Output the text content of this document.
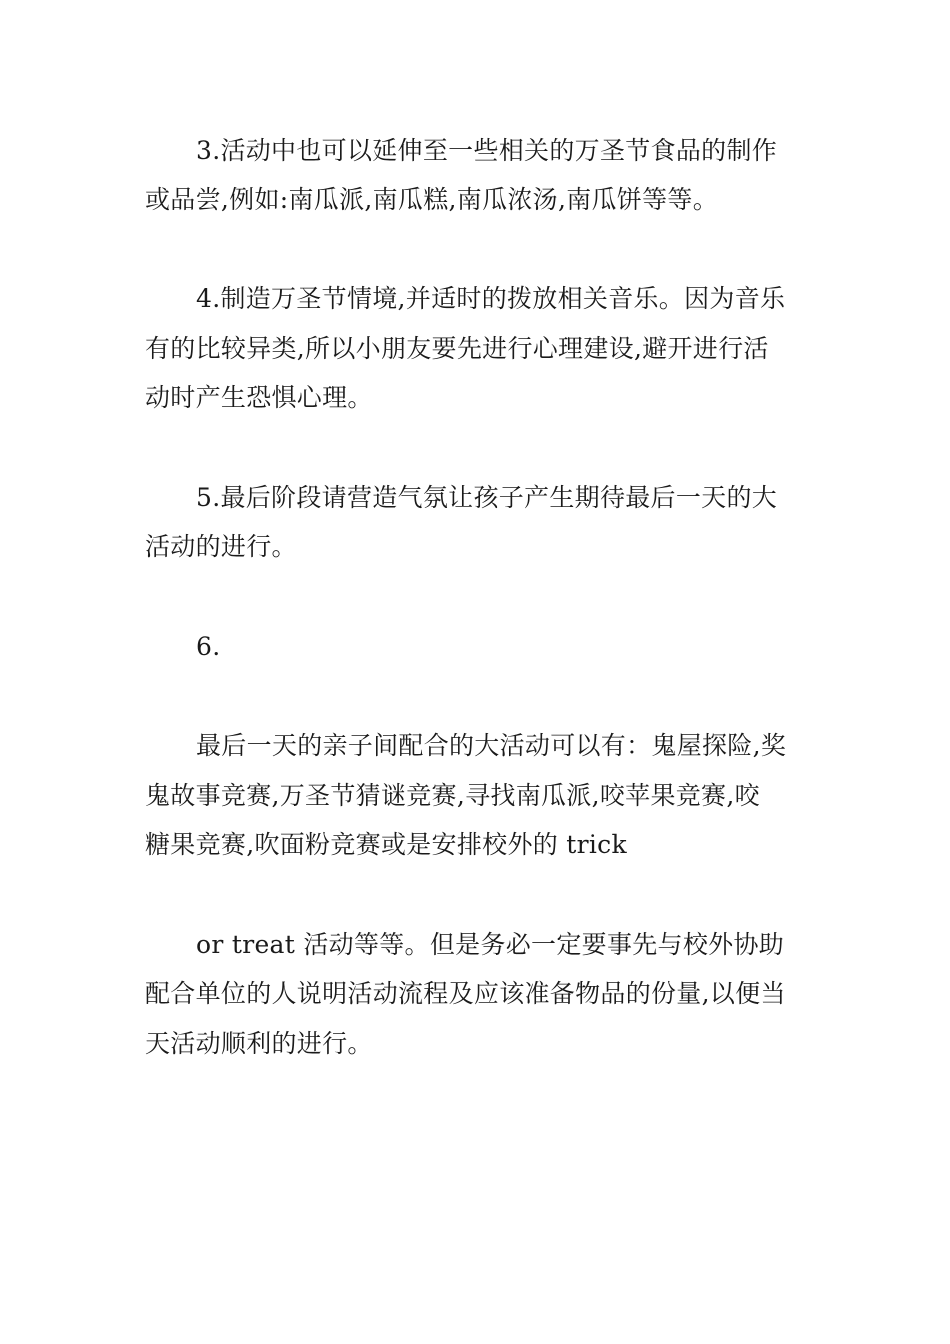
3.活动中也可以延伸至一些相关的万圣节食品的制作
或品尝,例如:南瓜派,南瓜糕,南瓜浓汤,南瓜饼等等。
4.制造万圣节情境,并适时的拨放相关音乐。因为音乐
有的比较异类,所以小朋友要先进行心理建设,避开进行活
动时产生恐惧心理。
5.最后阶段请营造气氛让孩子产生期待最后一天的大
活动的进行。
6.
最后一天的亲子间配合的大活动可以有：鬼屋探险,奖
鬼故事竞赛,万圣节猜谜竞赛,寻找南瓜派,咬苹果竞赛,咬
糖果竞赛,吹面粉竞赛或是安排校外的 trick
or treat 活动等等。但是务必一定要事先与校外协助
配合单位的人说明活动流程及应该准备物品的份量,以便当
天活动顺利的进行。
